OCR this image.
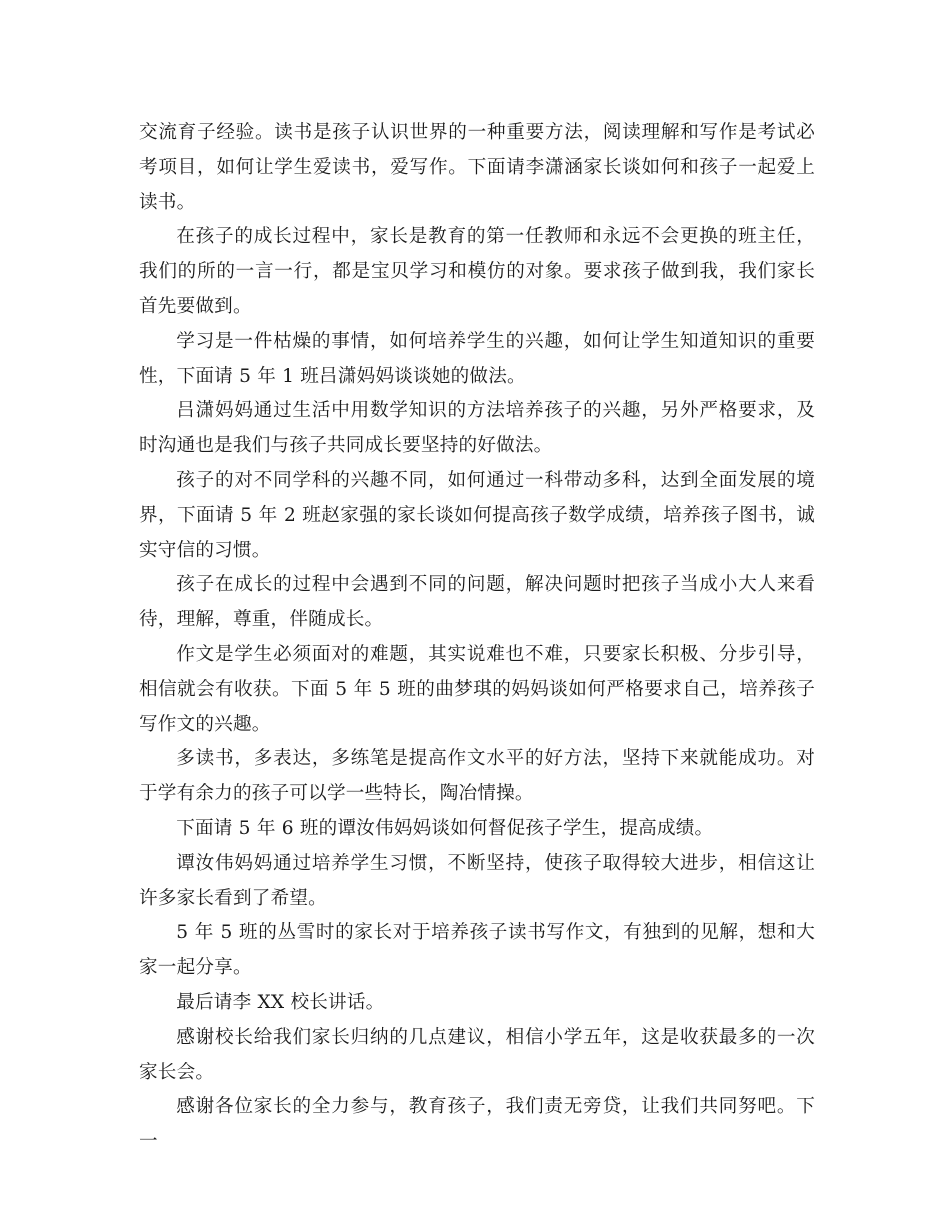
交流育子经验。读书是孩子认识世界的一种重要方法，阅读理解和写作是考试必考项目，如何让学生爱读书，爱写作。下面请李潇涵家长谈如何和孩子一起爱上读书。

在孩子的成长过程中，家长是教育的第一任教师和永远不会更换的班主任，我们的所的一言一行，都是宝贝学习和模仿的对象。要求孩子做到我，我们家长首先要做到。

学习是一件枯燥的事情，如何培养学生的兴趣，如何让学生知道知识的重要性，下面请 5 年 1 班吕潇妈妈谈谈她的做法。

吕潇妈妈通过生活中用数学知识的方法培养孩子的兴趣，另外严格要求，及时沟通也是我们与孩子共同成长要坚持的好做法。

孩子的对不同学科的兴趣不同，如何通过一科带动多科，达到全面发展的境界，下面请 5 年 2 班赵家强的家长谈如何提高孩子数学成绩，培养孩子图书，诚实守信的习惯。

孩子在成长的过程中会遇到不同的问题，解决问题时把孩子当成小大人来看待，理解，尊重，伴随成长。

作文是学生必须面对的难题，其实说难也不难，只要家长积极、分步引导，相信就会有收获。下面 5 年 5 班的曲梦琪的妈妈谈如何严格要求自己，培养孩子写作文的兴趣。

多读书，多表达，多练笔是提高作文水平的好方法，坚持下来就能成功。对于学有余力的孩子可以学一些特长，陶冶情操。

下面请 5 年 6 班的谭汝伟妈妈谈如何督促孩子学生，提高成绩。

谭汝伟妈妈通过培养学生习惯，不断坚持，使孩子取得较大进步，相信这让许多家长看到了希望。

5 年 5 班的丛雪时的家长对于培养孩子读书写作文，有独到的见解，想和大家一起分享。

最后请李 XX 校长讲话。

感谢校长给我们家长归纳的几点建议，相信小学五年，这是收获最多的一次家长会。

感谢各位家长的全力参与，教育孩子，我们责无旁贷，让我们共同努吧。下一
